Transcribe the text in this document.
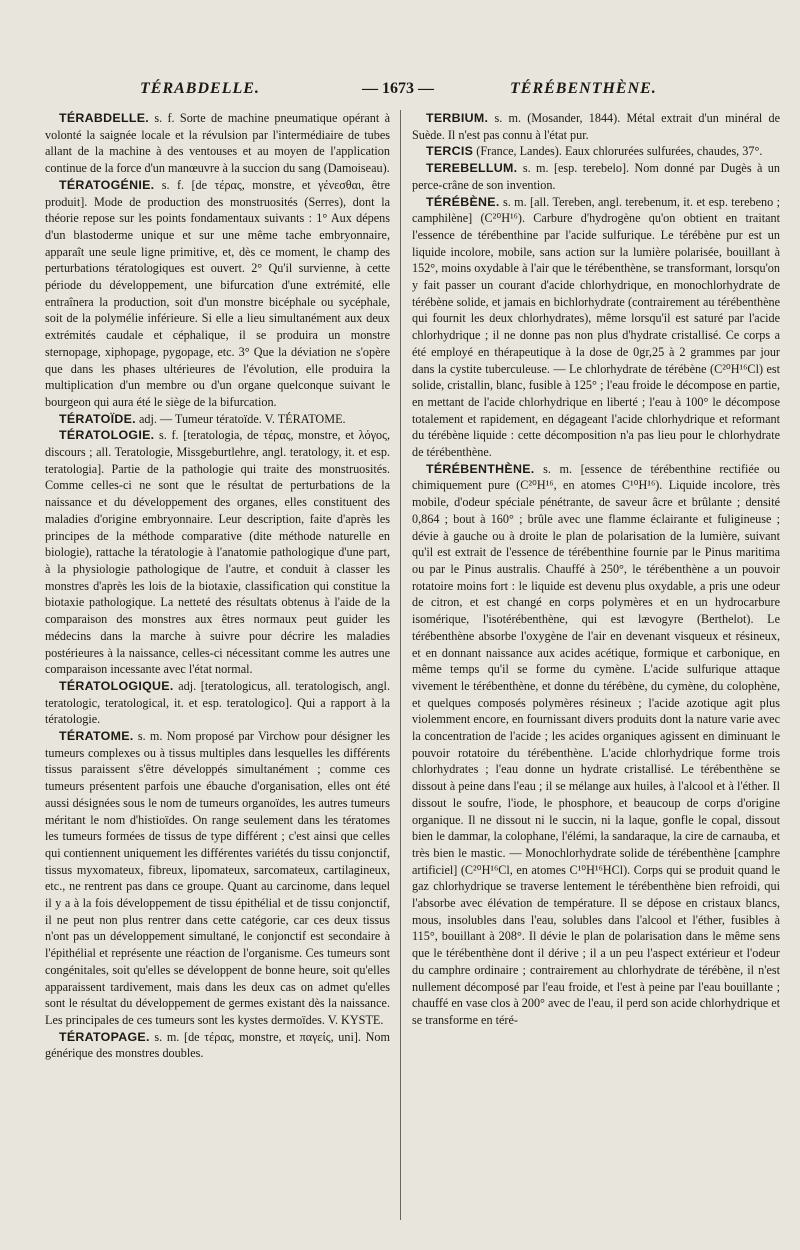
TÉRABDELLE.	— 1673 —	TÉRÉBENTHÈNE.

TÉRABDELLE. s. f. Sorte de machine pneumatique opérant à volonté la saignée locale et la révulsion par l'intermédiaire de tubes allant de la machine à des ventouses et au moyen de l'application continue de la force d'un manœuvre à la succion du sang (Damoiseau).

TÉRATOGÉNIE. s. f. [de τέρας, monstre, et γένεσθαι, être produit]. Mode de production des monstruosités (Serres), dont la théorie repose sur les points fondamentaux suivants : 1° Aux dépens d'un blastoderme unique et sur une même tache embryonnaire, apparaît une seule ligne primitive, et, dès ce moment, le champ des perturbations tératologiques est ouvert. 2° Qu'il survienne, à cette période du développement, une bifurcation d'une extrémité, elle entraînera la production, soit d'un monstre bicéphale ou sycéphale, soit de la polymélie inférieure. Si elle a lieu simultanément aux deux extrémités caudale et céphalique, il se produira un monstre sternopage, xiphopage, pygopage, etc. 3° Que la déviation ne s'opère que dans les phases ultérieures de l'évolution, elle produira la multiplication d'un membre ou d'un organe quelconque suivant le bourgeon qui aura été le siège de la bifurcation.

TÉRATOÏDE. adj. — Tumeur tératoïde. V. TÉRATOME.

TÉRATOLOGIE. s. f. [teratologia, de τέρας, monstre, et λόγος, discours ; all. Teratologie, Missgeburtlehre, angl. teratology, it. et esp. teratologia]. Partie de la pathologie qui traite des monstruosités. Comme celles-ci ne sont que le résultat de perturbations de la naissance et du développement des organes, elles constituent des maladies d'origine embryonnaire. Leur description, faite d'après les principes de la méthode comparative (dite méthode naturelle en biologie), rattache la tératologie à l'anatomie pathologique d'une part, à la physiologie pathologique de l'autre, et conduit à classer les monstres d'après les lois de la biotaxie, classification qui constitue la biotaxie pathologique. La netteté des résultats obtenus à l'aide de la comparaison des monstres aux êtres normaux peut guider les médecins dans la marche à suivre pour décrire les maladies postérieures à la naissance, celles-ci nécessitant comme les autres une comparaison incessante avec l'état normal.

TÉRATOLOGIQUE. adj. [teratologicus, all. teratologisch, angl. teratologic, teratological, it. et esp. teratologico]. Qui a rapport à la tératologie.

TÉRATOME. s. m. Nom proposé par Virchow pour désigner les tumeurs complexes ou à tissus multiples dans lesquelles les différents tissus paraissent s'être développés simultanément ; comme ces tumeurs présentent parfois une ébauche d'organisation, elles ont été aussi désignées sous le nom de tumeurs organoïdes, les autres tumeurs méritant le nom d'histioïdes. On range seulement dans les tératomes les tumeurs formées de tissus de type différent ; c'est ainsi que celles qui contiennent uniquement les différentes variétés du tissu conjonctif, tissus myxomateux, fibreux, lipomateux, sarcomateux, cartilagineux, etc., ne rentrent pas dans ce groupe. Quant au carcinome, dans lequel il y a à la fois développement de tissu épithélial et de tissu conjonctif, il ne peut non plus rentrer dans cette catégorie, car ces deux tissus n'ont pas un développement simultané, le conjonctif est secondaire à l'épithélial et représente une réaction de l'organisme. Ces tumeurs sont congénitales, soit qu'elles se développent de bonne heure, soit qu'elles apparaissent tardivement, mais dans les deux cas on admet qu'elles sont le résultat du développement de germes existant dès la naissance. Les principales de ces tumeurs sont les kystes dermoïdes. V. KYSTE.

TÉRATOPAGE. s. m. [de τέρας, monstre, et παγείς, uni]. Nom générique des monstres doubles.

TERBIUM. s. m. (Mosander, 1844). Métal extrait d'un minéral de Suède. Il n'est pas connu à l'état pur.

TERCIS (France, Landes). Eaux chlorurées sulfurées, chaudes, 37°.

TEREBELLUM. s. m. [esp. terebelo]. Nom donné par Dugès à un perce-crâne de son invention.

TÉRÉBÈNE. s. m. [all. Tereben, angl. terebenum, it. et esp. terebeno ; camphilène] (C²⁰H¹⁶). Carbure d'hydrogène qu'on obtient en traitant l'essence de térébenthine par l'acide sulfurique. Le térébène pur est un liquide incolore, mobile, sans action sur la lumière polarisée, bouillant à 152°, moins oxydable à l'air que le térébenthène, se transformant, lorsqu'on y fait passer un courant d'acide chlorhydrique, en monochlorhydrate de térébène solide, et jamais en bichlorhydrate (contrairement au térébenthène qui fournit les deux chlorhydrates), même lorsqu'il est saturé par l'acide chlorhydrique ; il ne donne pas non plus d'hydrate cristallisé. Ce corps a été employé en thérapeutique à la dose de 0gr,25 à 2 grammes par jour dans la cystite tuberculeuse. — Le chlorhydrate de térébène (C²⁰H¹⁶Cl) est solide, cristallin, blanc, fusible à 125° ; l'eau froide le décompose en partie, en mettant de l'acide chlorhydrique en liberté ; l'eau à 100° le décompose totalement et rapidement, en dégageant l'acide chlorhydrique et reformant du térébène liquide : cette décomposition n'a pas lieu pour le chlorhydrate de térébenthène.

TÉRÉBENTHÈNE. s. m. [essence de térébenthine rectifiée ou chimiquement pure (C²⁰H¹⁶, en atomes C¹⁰H¹⁶). Liquide incolore, très mobile, d'odeur spéciale pénétrante, de saveur âcre et brûlante ; densité 0,864 ; bout à 160° ; brûle avec une flamme éclairante et fuligineuse ; dévie à gauche ou à droite le plan de polarisation de la lumière, suivant qu'il est extrait de l'essence de térébenthine fournie par le Pinus maritima ou par le Pinus australis. Chauffé à 250°, le térébenthène a un pouvoir rotatoire moins fort : le liquide est devenu plus oxydable, a pris une odeur de citron, et est changé en corps polymères et en un hydrocarbure isomérique, l'isotérébenthène, qui est lævogyre (Berthelot). Le térébenthène absorbe l'oxygène de l'air en devenant visqueux et résineux, et en donnant naissance aux acides acétique, formique et carbonique, en même temps qu'il se forme du cymène. L'acide sulfurique attaque vivement le térébenthène, et donne du térébène, du cymène, du colophène, et quelques composés polymères résineux ; l'acide azotique agit plus violemment encore, en fournissant divers produits dont la nature varie avec la concentration de l'acide ; les acides organiques agissent en diminuant le pouvoir rotatoire du térébenthène. L'acide chlorhydrique forme trois chlorhydrates ; l'eau donne un hydrate cristallisé. Le térébenthène se dissout à peine dans l'eau ; il se mélange aux huiles, à l'alcool et à l'éther. Il dissout le soufre, l'iode, le phosphore, et beaucoup de corps d'origine organique. Il ne dissout ni le succin, ni la laque, gonfle le copal, dissout bien le dammar, la colophane, l'élémi, la sandaraque, la cire de carnauba, et très bien le mastic. — Monochlorhydrate solide de térébenthène [camphre artificiel] (C²⁰H¹⁶Cl, en atomes C¹⁰H¹⁶HCl). Corps qui se produit quand le gaz chlorhydrique se traverse lentement le térébenthène bien refroidi, qui l'absorbe avec élévation de température. Il se dépose en cristaux blancs, mous, insolubles dans l'eau, solubles dans l'alcool et l'éther, fusibles à 115°, bouillant à 208°. Il dévie le plan de polarisation dans le même sens que le térébenthène dont il dérive ; il a un peu l'aspect extérieur et l'odeur du camphre ordinaire ; contrairement au chlorhydrate de térébène, il n'est nullement décomposé par l'eau froide, et l'est à peine par l'eau bouillante ; chauffé en vase clos à 200° avec de l'eau, il perd son acide chlorhydrique et se transforme en téré-
